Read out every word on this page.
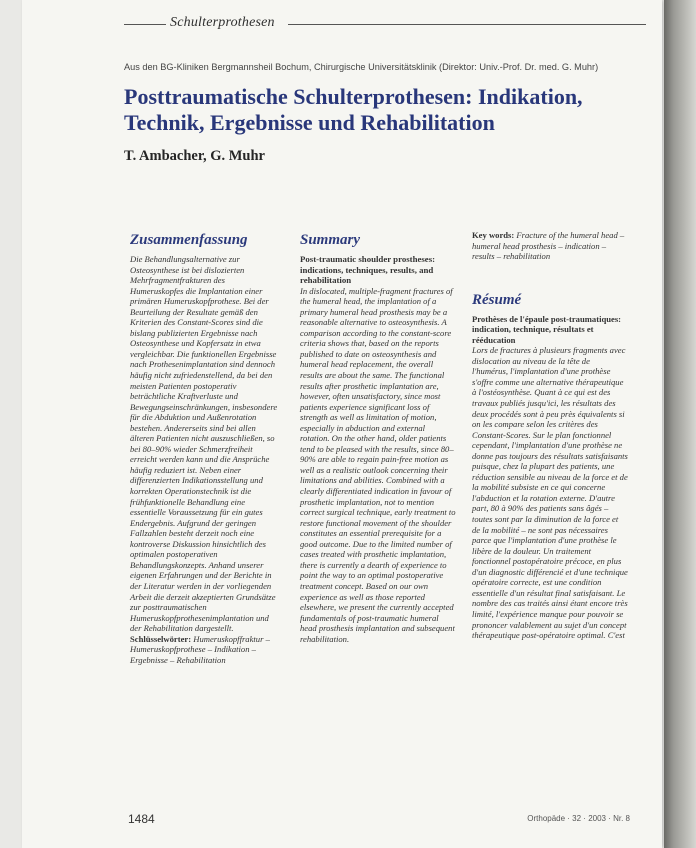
Schulterprothesen
Aus den BG-Kliniken Bergmannsheil Bochum, Chirurgische Universitätsklinik (Direktor: Univ.-Prof. Dr. med. G. Muhr)
Posttraumatische Schulterprothesen: Indikation,
Technik, Ergebnisse und Rehabilitation
T. Ambacher, G. Muhr
Zusammenfassung

Die Behandlungsalternative zur Osteosynthese ist bei dislozierten Mehrfragmentfrakturen des Humeruskopfes die Implantation einer primären Humeruskopfprothese. Bei der Beurteilung der Resultate gemäß den Kriterien des Constant-Scores sind die bislang publizierten Ergebnisse nach Osteosynthese und Kopfersatz in etwa vergleichbar. Die funktionellen Ergebnisse nach Prothesenimplantation sind dennoch häufig nicht zufriedenstellend, da bei den meisten Patienten postoperativ beträchtliche Kraftverluste und Bewegungseinschränkungen, insbesondere für die Abduktion und Außenrotation bestehen. Andererseits sind bei allen älteren Patienten nicht auszuschließen, so bei 80–90% wieder Schmerzfreiheit erreicht werden kann und die Ansprüche häufig reduziert ist. Neben einer differenzierten Indikationsstellung und korrekten Operationstechnik ist die frühfunktionelle Behandlung eine essentielle Voraussetzung für ein gutes Endergebnis. Aufgrund der geringen Fallzahlen besteht derzeit noch eine kontroverse Diskussion hinsichtlich des optimalen postoperativen Behandlungskonzepts. Anhand unserer eigenen Erfahrungen und der Berichte in der Literatur werden in der vorliegenden Arbeit die derzeit akzeptierten Grundsätze zur posttraumatischen Humeruskopfprothesenimplantation und der Rehabilitation dargestellt.

Schlüsselwörter: Humeruskopffraktur – Humeruskopfprothese – Indikation – Ergebnisse – Rehabilitation

Summary
Post-traumatic shoulder prostheses: indications, techniques, results, and rehabilitation

In dislocated, multiple-fragment fractures of the humeral head, the implantation of a primary humeral head prosthesis may be a reasonable alternative to osteosynthesis. A comparison according to the constant-score criteria shows that, based on the reports published to date on osteosynthesis and humeral head replacement, the overall results are about the same. The functional results after prosthetic implantation are, however, often unsatisfactory, since most patients experience significant loss of strength as well as limitation of motion, especially in abduction and external rotation. On the other hand, older patients tend to be pleased with the results, since 80–90% are able to regain pain-free motion as well as a realistic outlook concerning their limitations and abilities. Combined with a clearly differentiated indication in favour of prosthetic implantation, not to mention correct surgical technique, early treatment to restore functional movement of the shoulder constitutes an essential prerequisite for a good outcome. Due to the limited number of cases treated with prosthetic implantation, there is currently a dearth of experience to point the way to an optimal postoperative treatment concept. Based on our own experience as well as those reported elsewhere, we present the currently accepted fundamentals of post-traumatic humeral head prosthesis implantation and subsequent rehabilitation.

Key words: Fracture of the humeral head – humeral head prosthesis – indication – results – rehabilitation

Résumé
Prothèses de l'épaule post-traumatiques: indication, technique, résultats et rééducation

Lors de fractures à plusieurs fragments avec dislocation au niveau de la tête de l'humérus, l'implantation d'une prothèse s'offre comme une alternative thérapeutique à l'ostéosynthèse. Quant à ce qui est des travaux publiés jusqu'ici, les résultats des deux procédés sont à peu près équivalents si on les compare selon les critères des Constant-Scores. Sur le plan fonctionnel cependant, l'implantation d'une prothèse ne donne pas toujours des résultats satisfaisants puisque, chez la plupart des patients, une réduction sensible au niveau de la force et de la mobilité subsiste en ce qui concerne l'abduction et la rotation externe. D'autre part, 80 à 90% des patients sans âgés – toutes sont par la diminution de la force et de la mobilité – ne sont pas nécessaires parce que l'implantation d'une prothèse le libère de la douleur. Un traitement fonctionnel postopératoire précoce, en plus d'un diagnostic différencié et d'une technique opératoire correcte, est une condition essentielle d'un résultat final satisfaisant. Le nombre des cas traités ainsi étant encore très limité, l'expérience manque pour pouvoir se prononcer valablement au sujet d'un concept thérapeutique post-opératoire optimal. C'est

1484	Orthopäde · 32 · 2003 · Nr. 8
